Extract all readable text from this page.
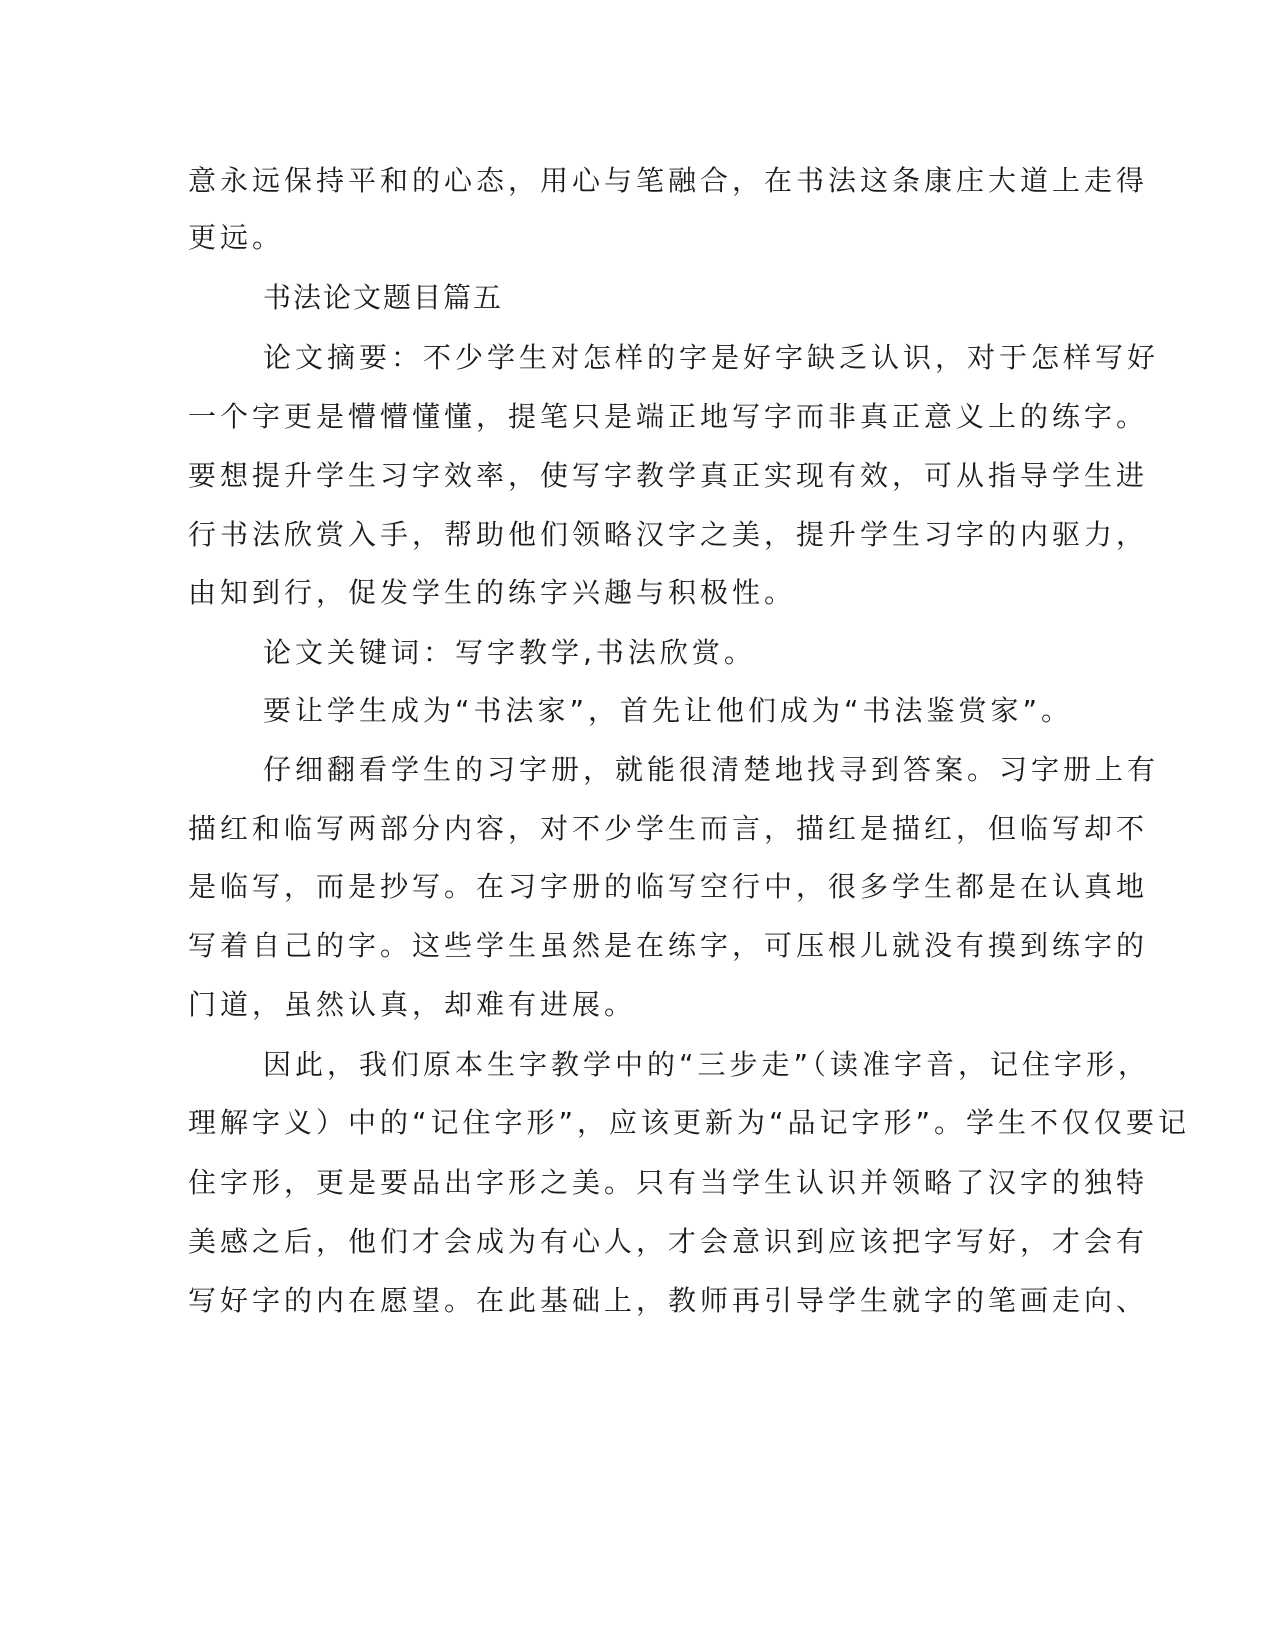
意永远保持平和的心态，用心与笔融合，在书法这条康庄大道上走得
更远。
书法论文题目篇五
论文摘要：不少学生对怎样的字是好字缺乏认识，对于怎样写好
一个字更是懵懵懂懂，提笔只是端正地写字而非真正意义上的练字。
要想提升学生习字效率，使写字教学真正实现有效，可从指导学生进
行书法欣赏入手，帮助他们领略汉字之美，提升学生习字的内驱力，
由知到行，促发学生的练字兴趣与积极性。
论文关键词：写字教学,书法欣赏。
要让学生成为“书法家”，首先让他们成为“书法鉴赏家”。
仔细翻看学生的习字册，就能很清楚地找寻到答案。习字册上有
描红和临写两部分内容，对不少学生而言，描红是描红，但临写却不
是临写，而是抄写。在习字册的临写空行中，很多学生都是在认真地
写着自己的字。这些学生虽然是在练字，可压根儿就没有摸到练字的
门道，虽然认真，却难有进展。
因此，我们原本生字教学中的“三步走”（读准字音，记住字形，
理解字义）中的“记住字形”，应该更新为“品记字形”。学生不仅仅要记
住字形，更是要品出字形之美。只有当学生认识并领略了汉字的独特
美感之后，他们才会成为有心人，才会意识到应该把字写好，才会有
写好字的内在愿望。在此基础上，教师再引导学生就字的笔画走向、
